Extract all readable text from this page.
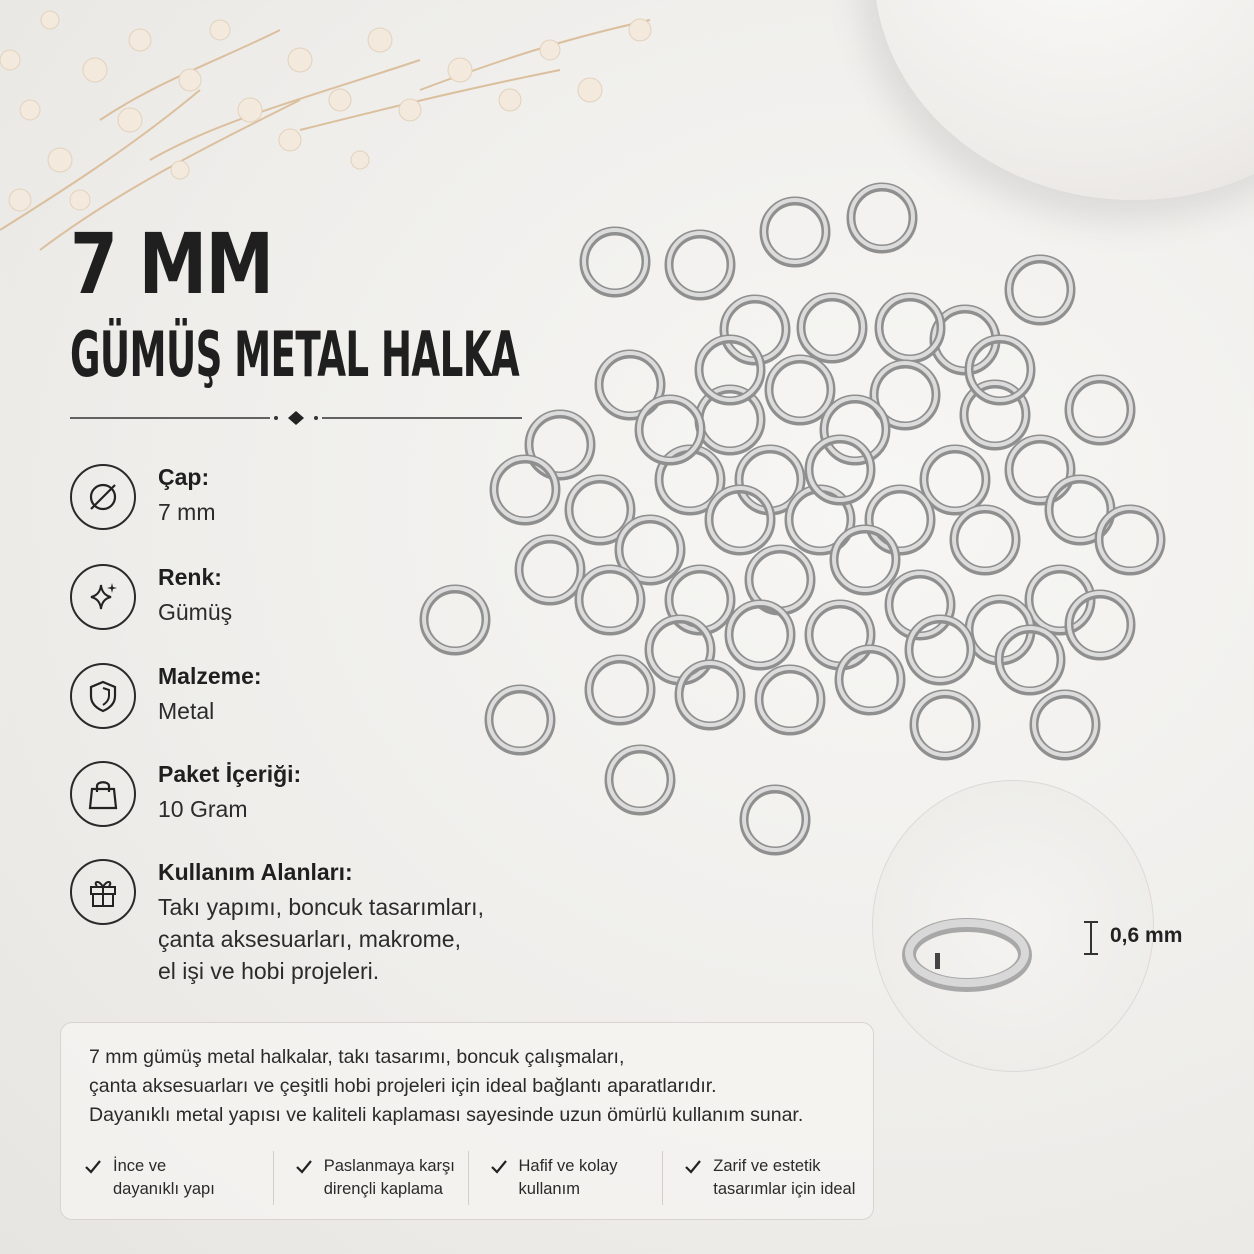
7 MM
GÜMÜŞ METAL HALKA
Çap:
7 mm
Renk:
Gümüş
Malzeme:
Metal
Paket İçeriği:
10 Gram
Kullanım Alanları:
Takı yapımı, boncuk tasarımları,
çanta aksesuarları, makrome,
el işi ve hobi projeleri.
0,6 mm
7 mm gümüş metal halkalar, takı tasarımı, boncuk çalışmaları,
çanta aksesuarları ve çeşitli hobi projeleri için ideal bağlantı aparatlarıdır.
Dayanıklı metal yapısı ve kaliteli kaplaması sayesinde uzun ömürlü kullanım sunar.
İnce ve
dayanıklı yapı
Paslanmaya karşı
dirençli kaplama
Hafif ve kolay
kullanım
Zarif ve estetik
tasarımlar için ideal
